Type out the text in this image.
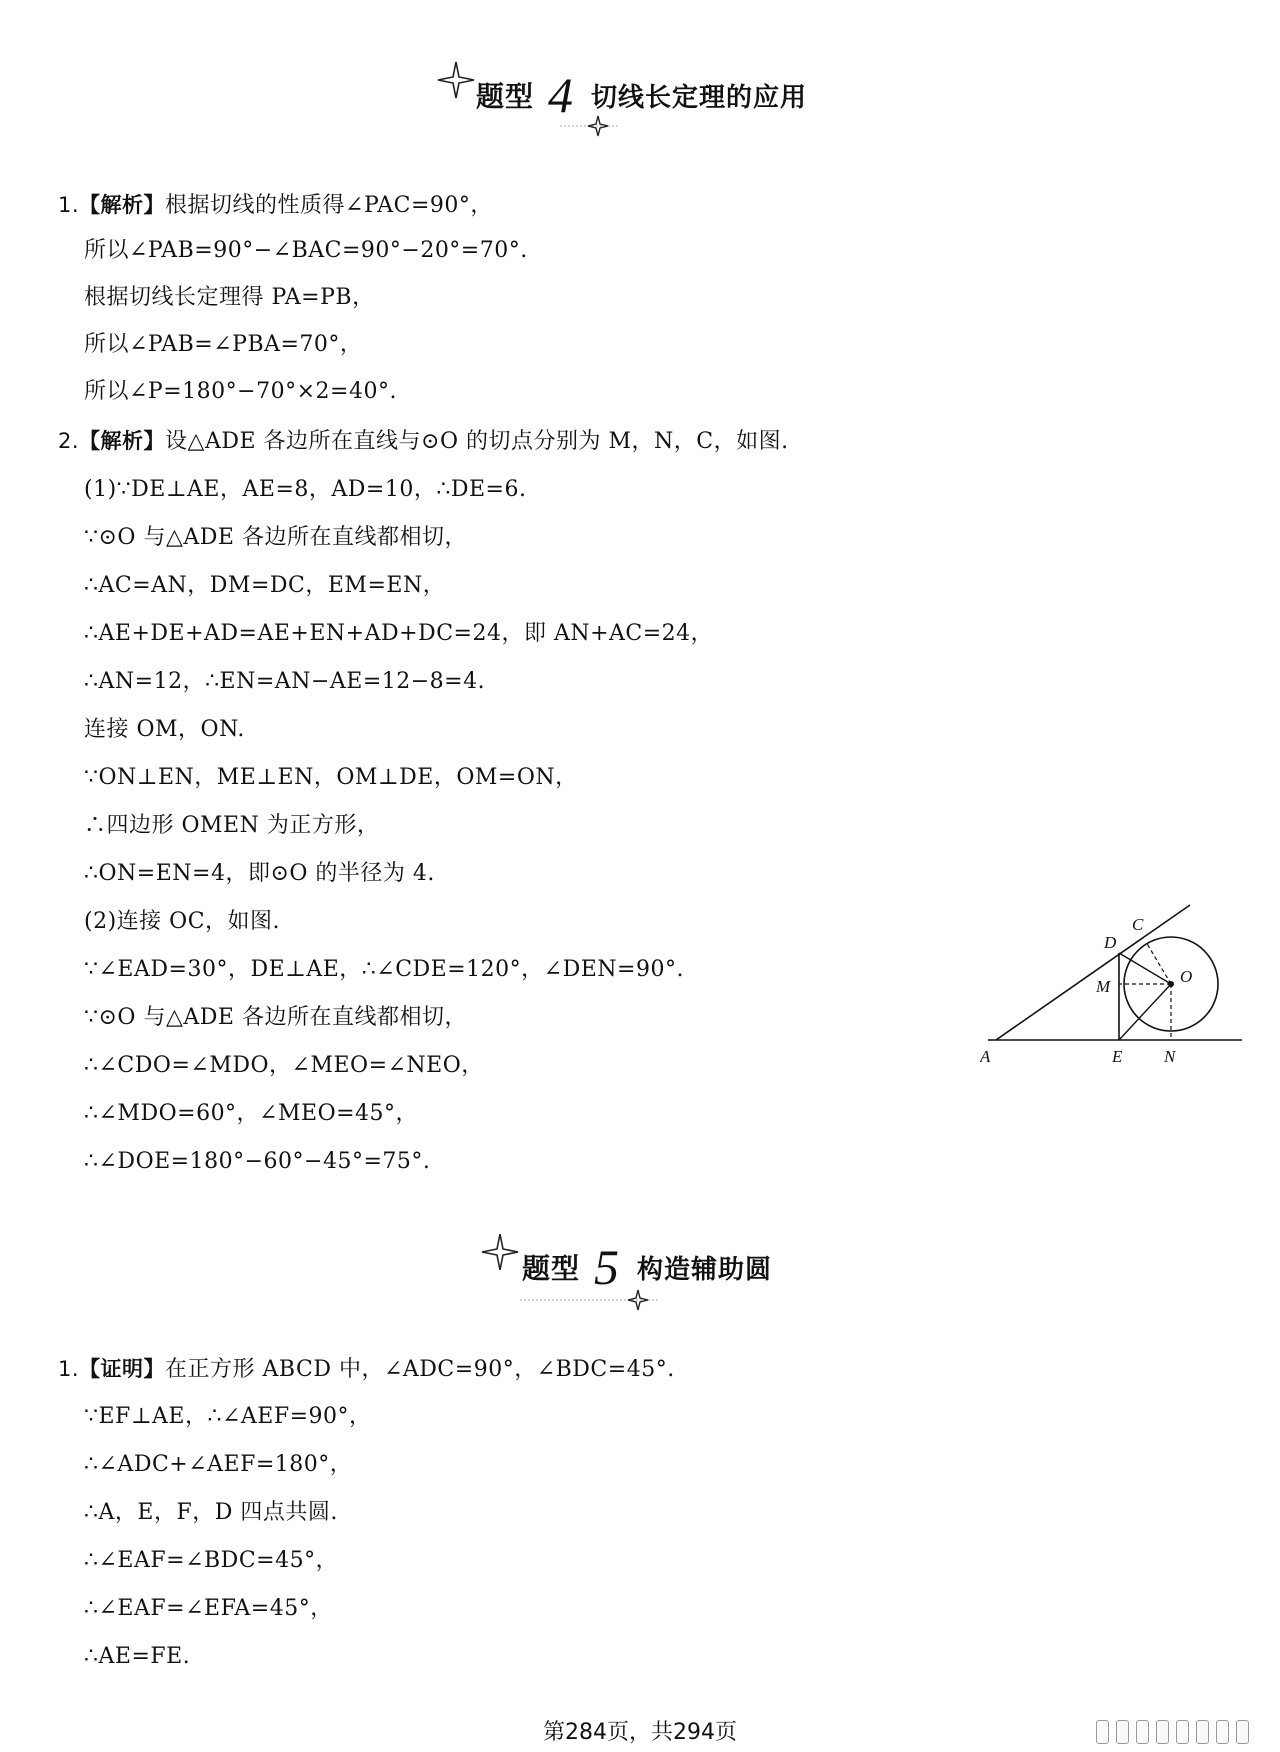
题型 4 切线长定理的应用
1.【解析】根据切线的性质得∠PAC=90°，
所以∠PAB=90°−∠BAC=90°−20°=70°.
根据切线长定理得 PA=PB，
所以∠PAB=∠PBA=70°，
所以∠P=180°−70°×2=40°.
2.【解析】设△ADE 各边所在直线与⊙O 的切点分别为 M，N，C，如图.
(1)∵DE⊥AE，AE=8，AD=10，∴DE=6.
∵⊙O 与△ADE 各边所在直线都相切，
∴AC=AN，DM=DC，EM=EN，
∴AE+DE+AD=AE+EN+AD+DC=24，即 AN+AC=24，
∴AN=12，∴EN=AN−AE=12−8=4.
连接 OM，ON.
∵ON⊥EN，ME⊥EN，OM⊥DE，OM=ON，
∴四边形 OMEN 为正方形，
∴ON=EN=4，即⊙O 的半径为 4.
(2)连接 OC，如图.
∵∠EAD=30°，DE⊥AE，∴∠CDE=120°，∠DEN=90°.
∵⊙O 与△ADE 各边所在直线都相切，
∴∠CDO=∠MDO，∠MEO=∠NEO，
∴∠MDO=60°，∠MEO=45°，
∴∠DOE=180°−60°−45°=75°.
A	E N
D
C
M
O
题型 5 构造辅助圆
1.【证明】在正方形 ABCD 中，∠ADC=90°，∠BDC=45°.
∵EF⊥AE，∴∠AEF=90°，
∴∠ADC+∠AEF=180°，
∴A，E，F，D 四点共圆.
∴∠EAF=∠BDC=45°，
∴∠EAF=∠EFA=45°，
∴AE=FE.
第284页，共294页
